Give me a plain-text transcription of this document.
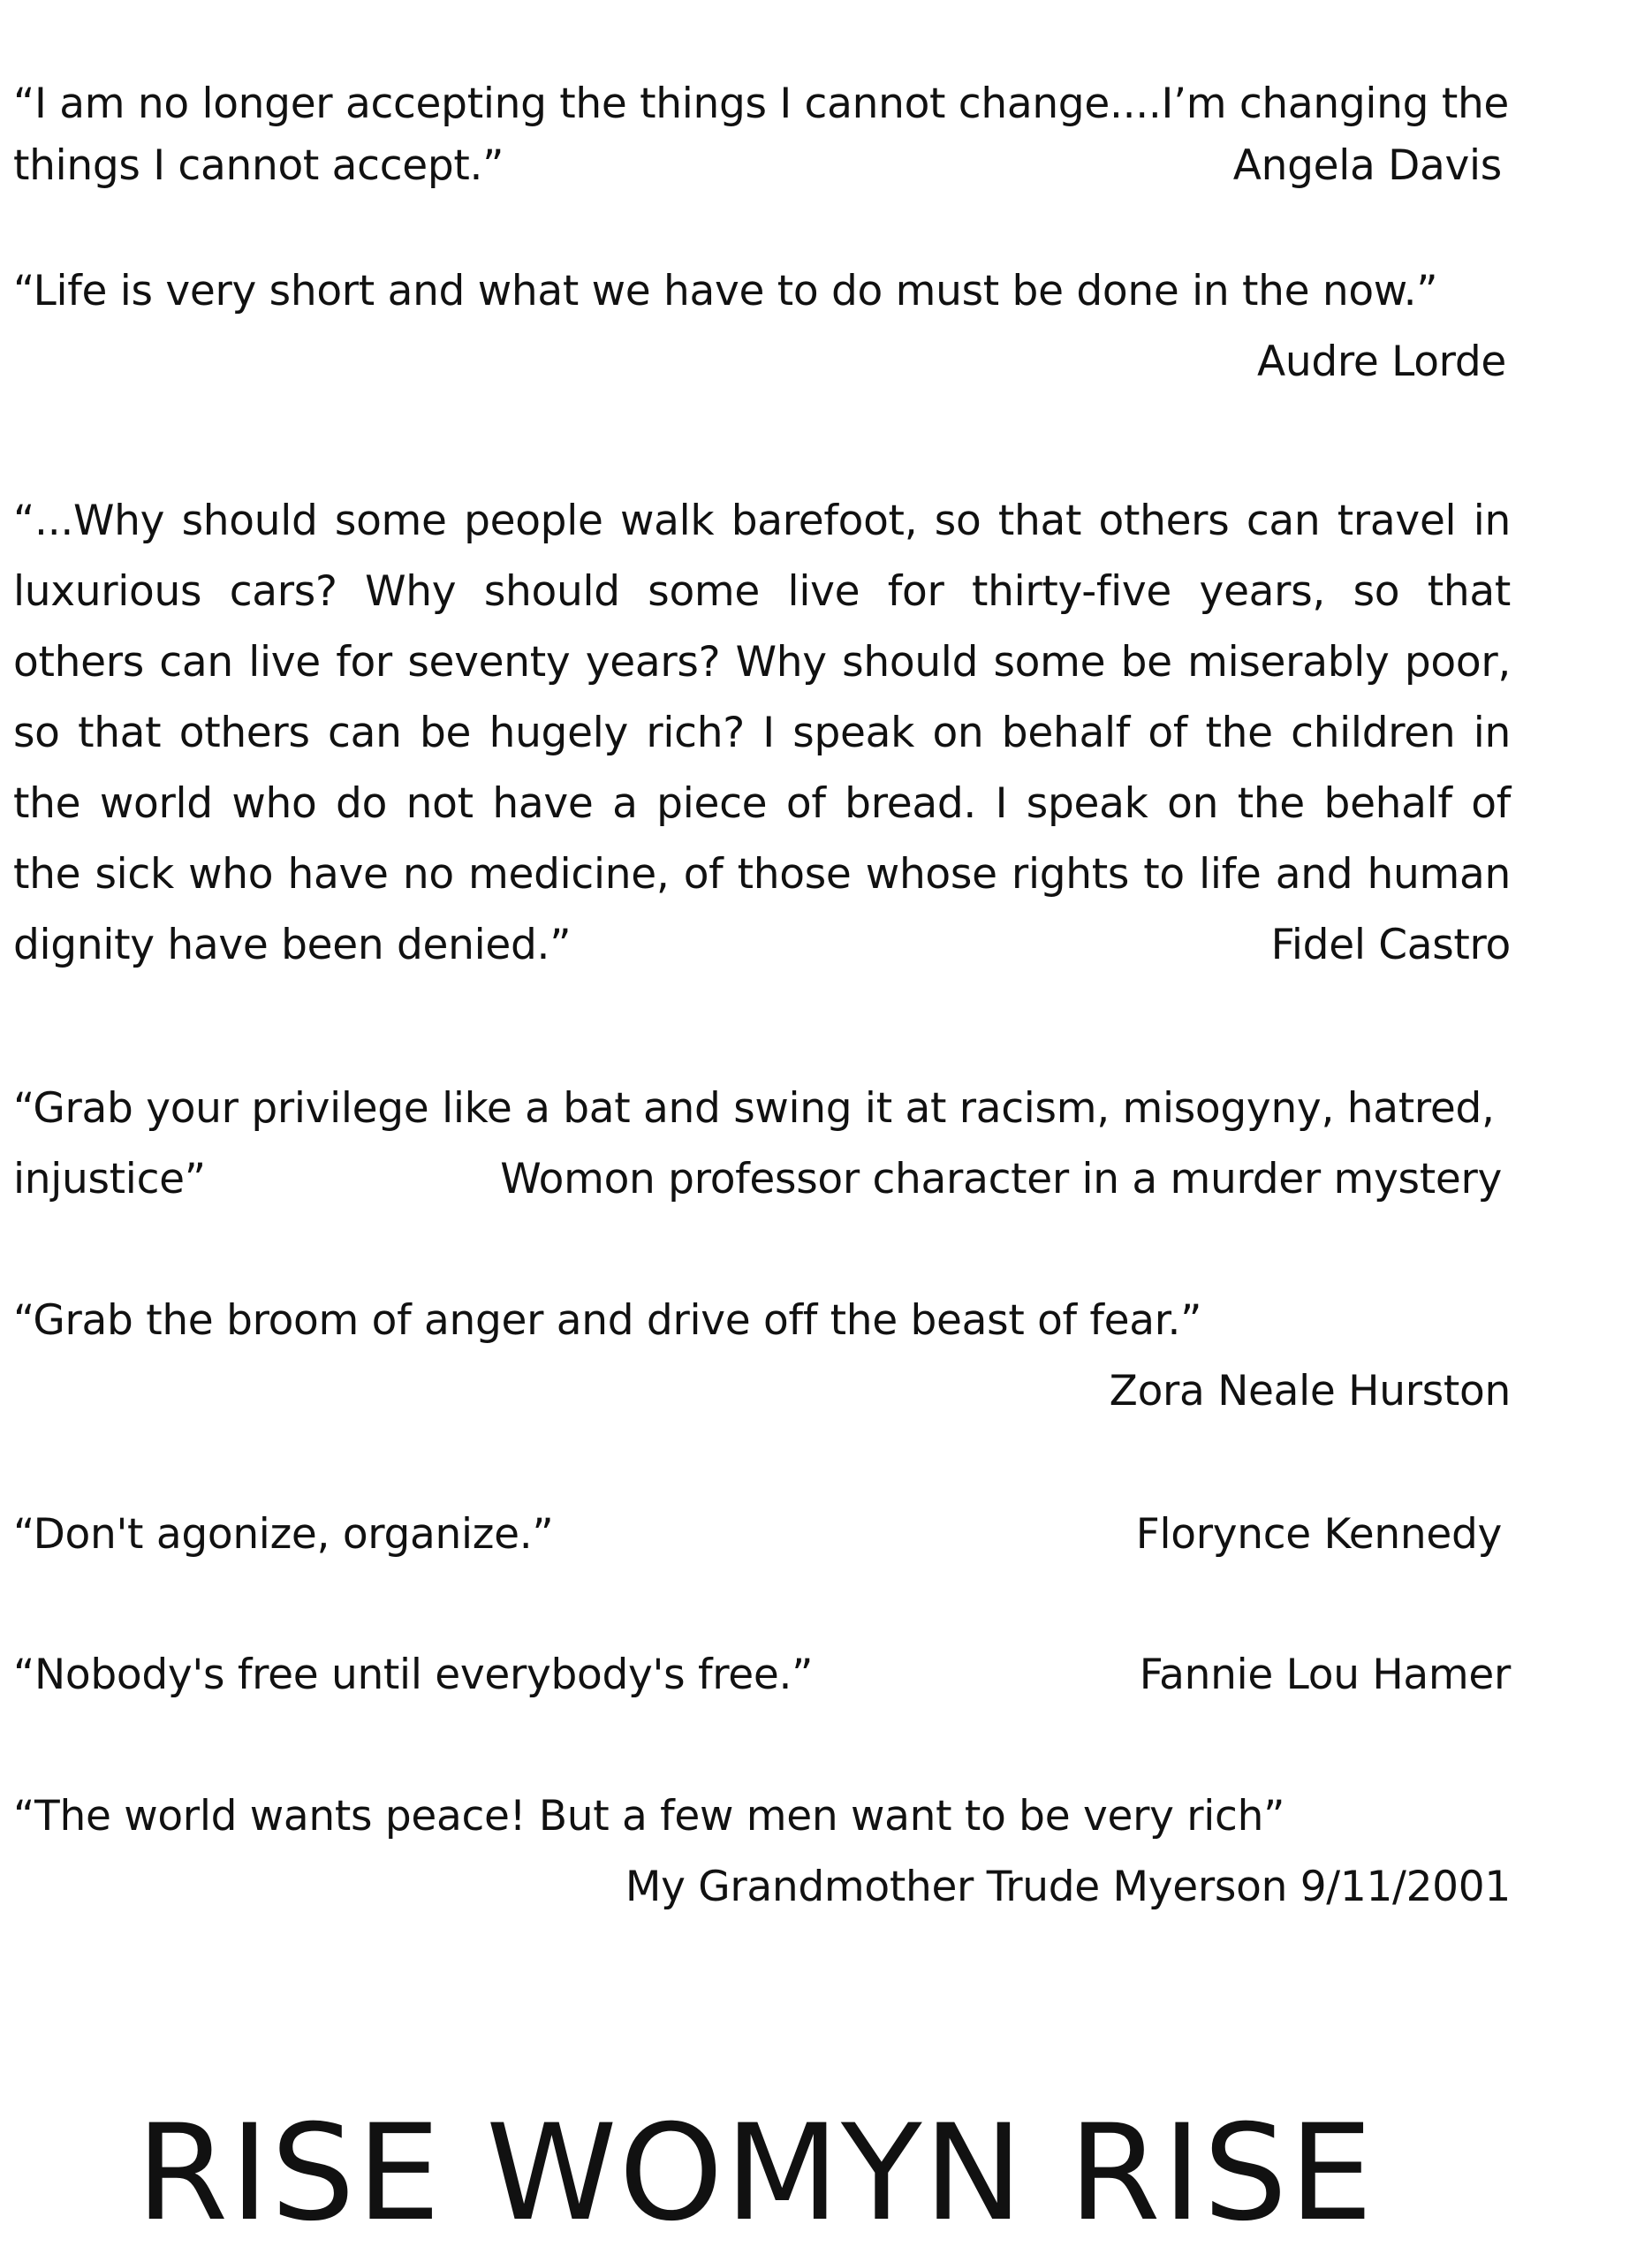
“I am no longer accepting the things I cannot change....I’m changing the
things I cannot accept.”	Angela Davis
“Life is very short and what we have to do must be done in the now.”
Audre Lorde
“...Why should some people walk barefoot, so that others can travel in
luxurious cars? Why should some live for thirty-five years, so that
others can live for seventy years? Why should some be miserably poor,
so that others can be hugely rich? I speak on behalf of the children in
the world who do not have a piece of bread. I speak on the behalf of
the sick who have no medicine, of those whose rights to life and human
dignity have been denied.”	Fidel Castro
“Grab your privilege like a bat and swing it at racism, misogyny, hatred,
injustice”	Womon professor character in a murder mystery
“Grab the broom of anger and drive off the beast of fear.”
Zora Neale Hurston
“Don't agonize, organize.”	Florynce Kennedy
“Nobody's free until everybody's free.”	Fannie Lou Hamer
“The world wants peace! But a few men want to be very rich”
My Grandmother Trude Myerson 9/11/2001
RISE WOMYN RISE
